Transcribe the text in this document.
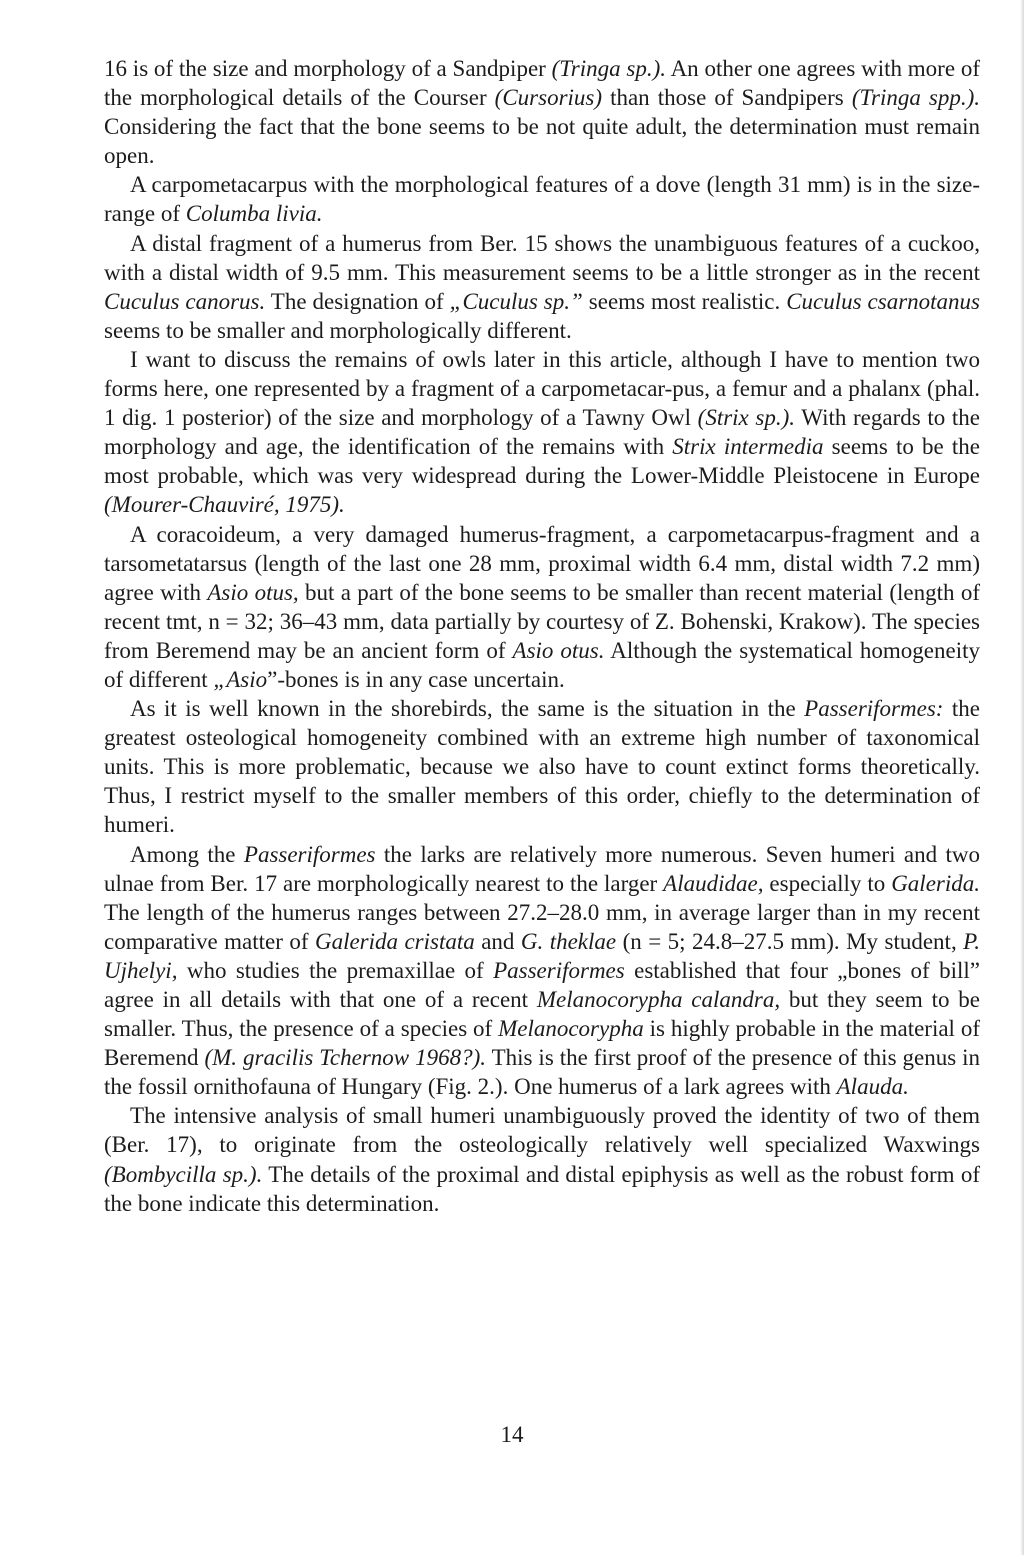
16 is of the size and morphology of a Sandpiper (Tringa sp.). An other one agrees with more of the morphological details of the Courser (Cursorius) than those of Sandpipers (Tringa spp.). Considering the fact that the bone seems to be not quite adult, the determination must remain open.

A carpometacarpus with the morphological features of a dove (length 31 mm) is in the size-range of Columba livia.

A distal fragment of a humerus from Ber. 15 shows the unambiguous features of a cuckoo, with a distal width of 9.5 mm. This measurement seems to be a little stronger as in the recent Cuculus canorus. The designation of „Cuculus sp.” seems most realistic. Cuculus csarnotanus seems to be smaller and morphologically different.

I want to discuss the remains of owls later in this article, although I have to mention two forms here, one represented by a fragment of a carpometacar-pus, a femur and a phalanx (phal. 1 dig. 1 posterior) of the size and morphology of a Tawny Owl (Strix sp.). With regards to the morphology and age, the identification of the remains with Strix intermedia seems to be the most probable, which was very widespread during the Lower-Middle Pleistocene in Europe (Mourer-Chauviré, 1975).

A coracoideum, a very damaged humerus-fragment, a carpometacarpus-fragment and a tarsometatarsus (length of the last one 28 mm, proximal width 6.4 mm, distal width 7.2 mm) agree with Asio otus, but a part of the bone seems to be smaller than recent material (length of recent tmt, n = 32; 36–43 mm, data partially by courtesy of Z. Bohenski, Krakow). The species from Beremend may be an ancient form of Asio otus. Although the systematical homogeneity of different „Asio”-bones is in any case uncertain.

As it is well known in the shorebirds, the same is the situation in the Passeriformes: the greatest osteological homogeneity combined with an extreme high number of taxonomical units. This is more problematic, because we also have to count extinct forms theoretically. Thus, I restrict myself to the smaller members of this order, chiefly to the determination of humeri.

Among the Passeriformes the larks are relatively more numerous. Seven humeri and two ulnae from Ber. 17 are morphologically nearest to the larger Alaudidae, especially to Galerida. The length of the humerus ranges between 27.2–28.0 mm, in average larger than in my recent comparative matter of Galerida cristata and G. theklae (n = 5; 24.8–27.5 mm). My student, P. Ujhelyi, who studies the premaxillae of Passeriformes established that four „bones of bill” agree in all details with that one of a recent Melanocorypha calandra, but they seem to be smaller. Thus, the presence of a species of Melanocorypha is highly probable in the material of Beremend (M. gracilis Tchernow 1968?). This is the first proof of the presence of this genus in the fossil ornithofauna of Hungary (Fig. 2.). One humerus of a lark agrees with Alauda.

The intensive analysis of small humeri unambiguously proved the identity of two of them (Ber. 17), to originate from the osteologically relatively well specialized Waxwings (Bombycilla sp.). The details of the proximal and distal epiphysis as well as the robust form of the bone indicate this determination.

14
